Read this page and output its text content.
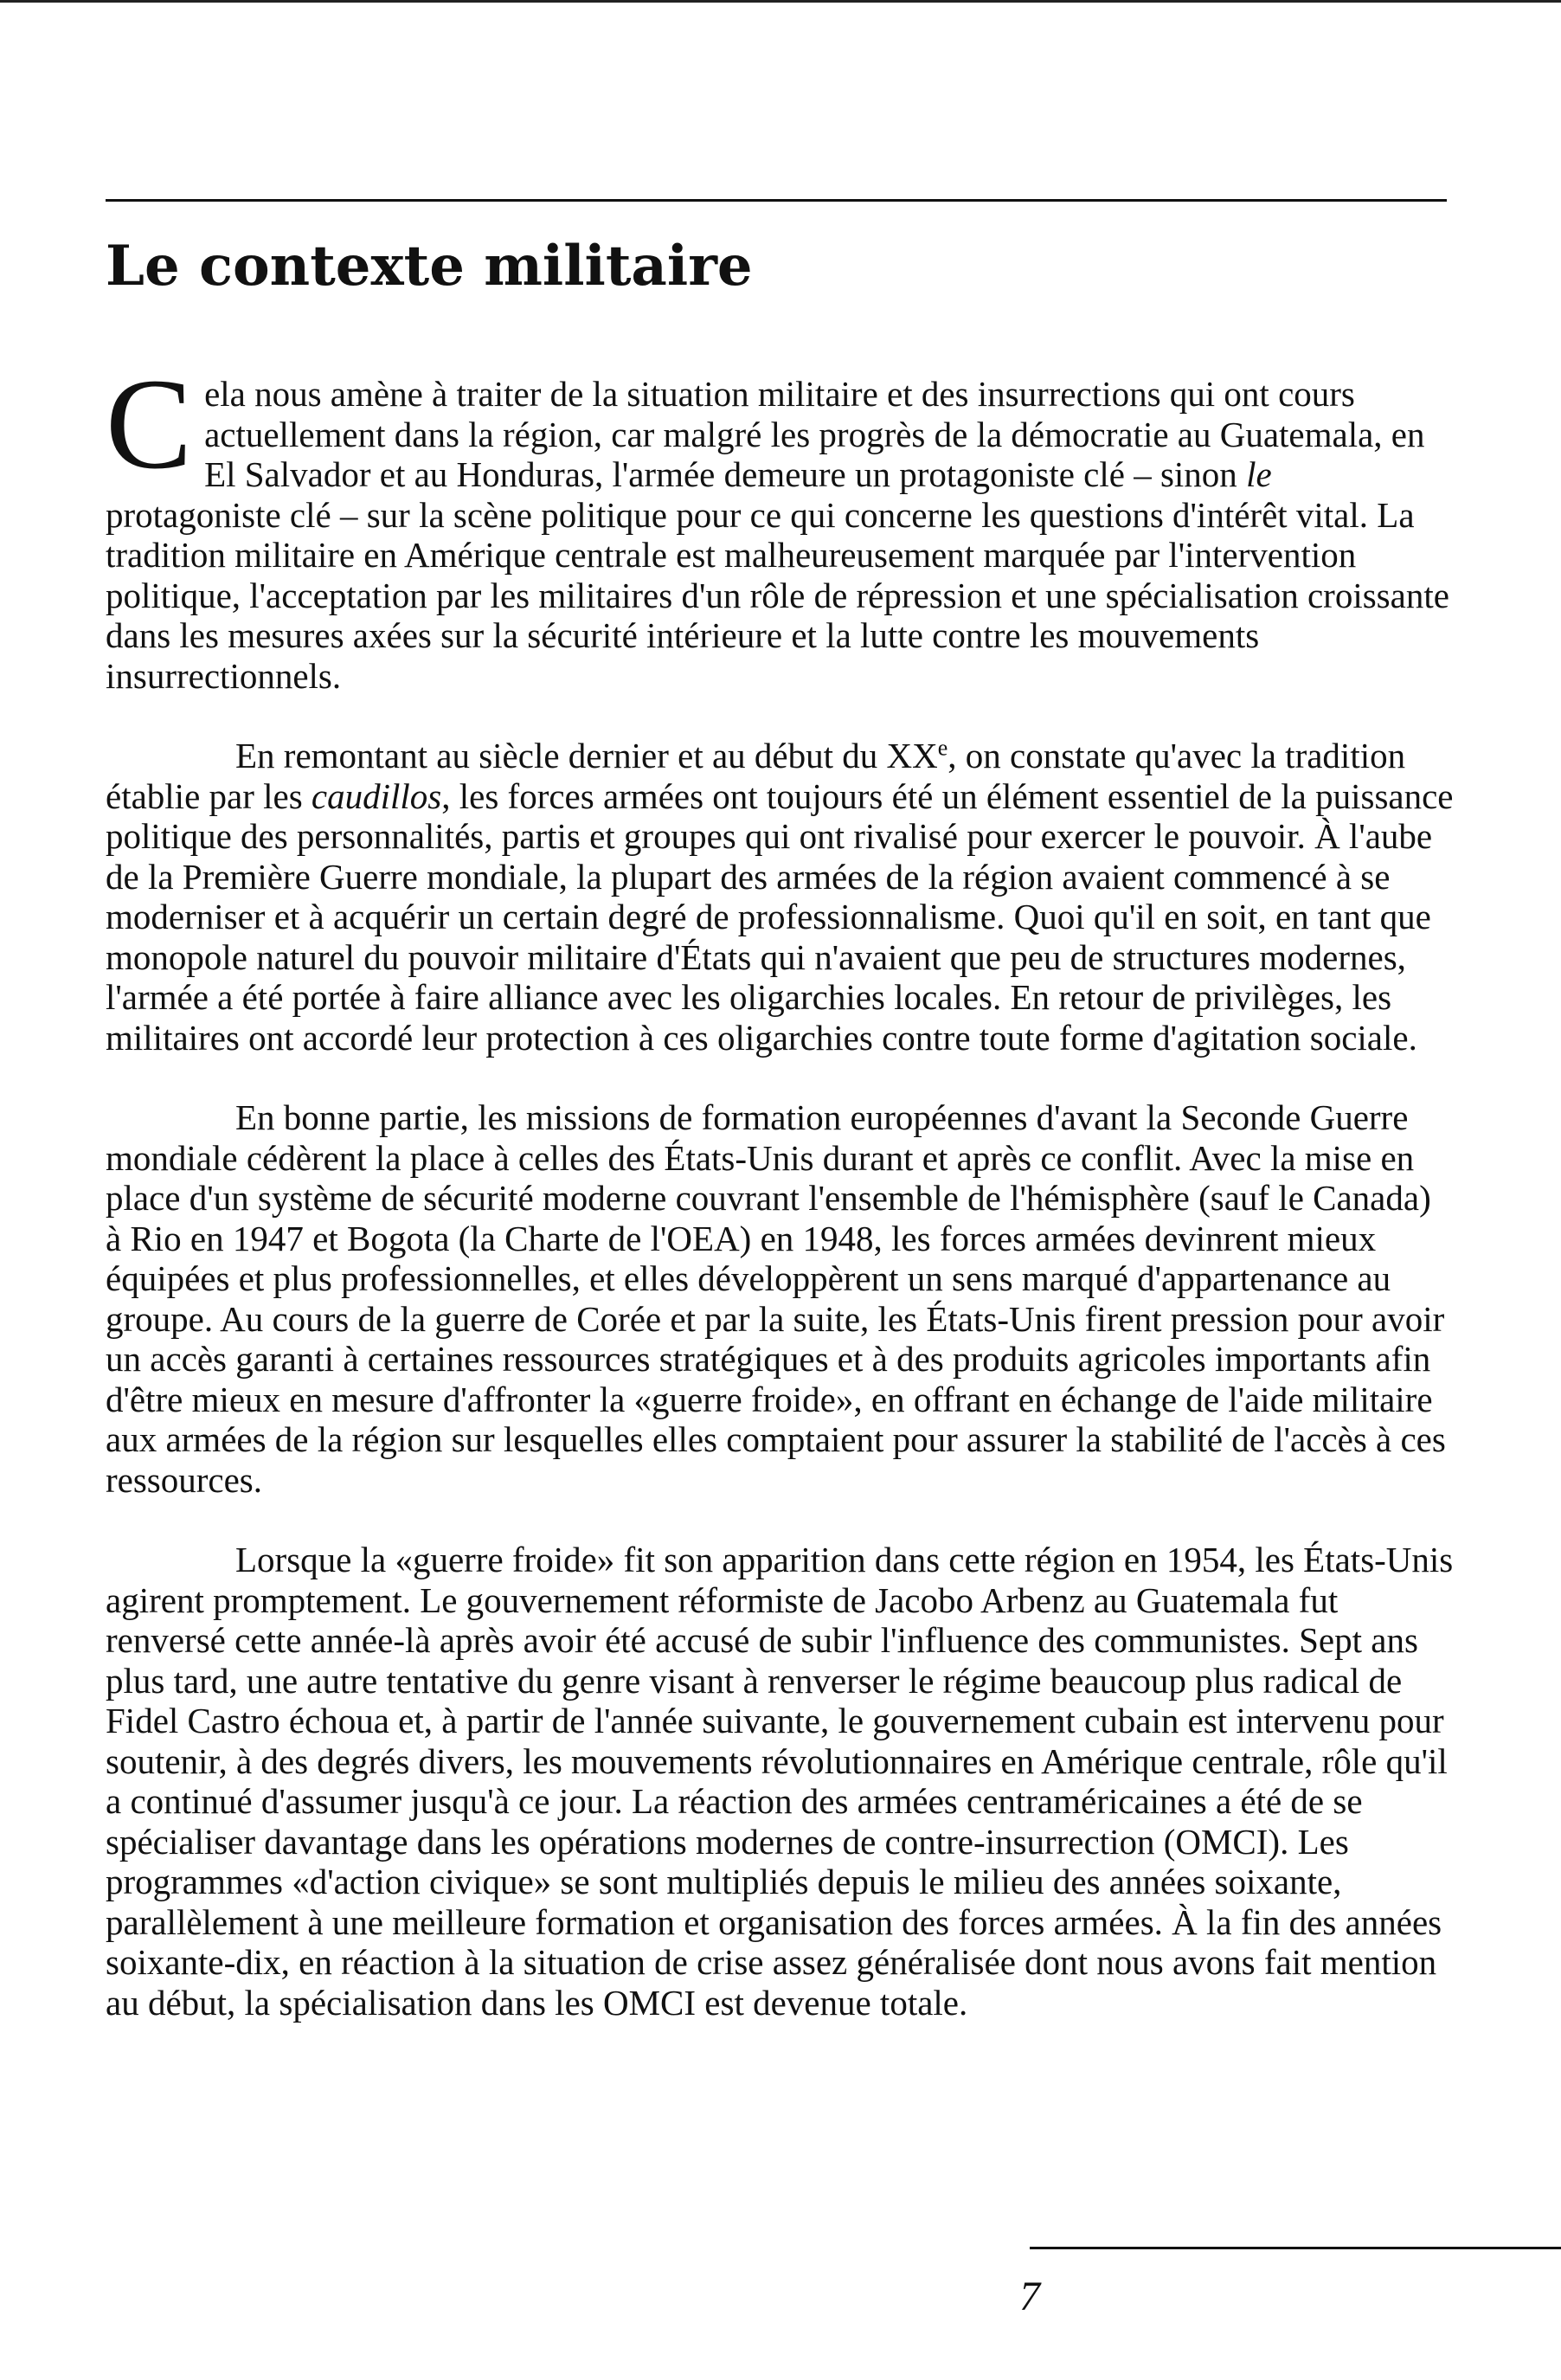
Le contexte militaire

Cela nous amène à traiter de la situation militaire et des insurrections qui ont cours actuellement dans la région, car malgré les progrès de la démocratie au Guatemala, en El Salvador et au Honduras, l'armée demeure un protagoniste clé – sinon le protagoniste clé – sur la scène politique pour ce qui concerne les questions d'intérêt vital. La tradition militaire en Amérique centrale est malheureusement marquée par l'intervention politique, l'acceptation par les militaires d'un rôle de répression et une spécialisation croissante dans les mesures axées sur la sécurité intérieure et la lutte contre les mouvements insurrectionnels.

En remontant au siècle dernier et au début du XXe, on constate qu'avec la tradition établie par les caudillos, les forces armées ont toujours été un élément essentiel de la puissance politique des personnalités, partis et groupes qui ont rivalisé pour exercer le pouvoir. À l'aube de la Première Guerre mondiale, la plupart des armées de la région avaient commencé à se moderniser et à acquérir un certain degré de professionnalisme. Quoi qu'il en soit, en tant que monopole naturel du pouvoir militaire d'États qui n'avaient que peu de structures modernes, l'armée a été portée à faire alliance avec les oligarchies locales. En retour de privilèges, les militaires ont accordé leur protection à ces oligarchies contre toute forme d'agitation sociale.

En bonne partie, les missions de formation européennes d'avant la Seconde Guerre mondiale cédèrent la place à celles des États-Unis durant et après ce conflit. Avec la mise en place d'un système de sécurité moderne couvrant l'ensemble de l'hémisphère (sauf le Canada) à Rio en 1947 et Bogota (la Charte de l'OEA) en 1948, les forces armées devinrent mieux équipées et plus professionnelles, et elles développèrent un sens marqué d'appartenance au groupe. Au cours de la guerre de Corée et par la suite, les États-Unis firent pression pour avoir un accès garanti à certaines ressources stratégiques et à des produits agricoles importants afin d'être mieux en mesure d'affronter la «guerre froide», en offrant en échange de l'aide militaire aux armées de la région sur lesquelles elles comptaient pour assurer la stabilité de l'accès à ces ressources.

Lorsque la «guerre froide» fit son apparition dans cette région en 1954, les États-Unis agirent promptement. Le gouvernement réformiste de Jacobo Arbenz au Guatemala fut renversé cette année-là après avoir été accusé de subir l'influence des communistes. Sept ans plus tard, une autre tentative du genre visant à renverser le régime beaucoup plus radical de Fidel Castro échoua et, à partir de l'année suivante, le gouvernement cubain est intervenu pour soutenir, à des degrés divers, les mouvements révolutionnaires en Amérique centrale, rôle qu'il a continué d'assumer jusqu'à ce jour. La réaction des armées centraméricaines a été de se spécialiser davantage dans les opérations modernes de contre-insurrection (OMCI). Les programmes «d'action civique» se sont multipliés depuis le milieu des années soixante, parallèlement à une meilleure formation et organisation des forces armées. À la fin des années soixante-dix, en réaction à la situation de crise assez généralisée dont nous avons fait mention au début, la spécialisation dans les OMCI est devenue totale.

7
